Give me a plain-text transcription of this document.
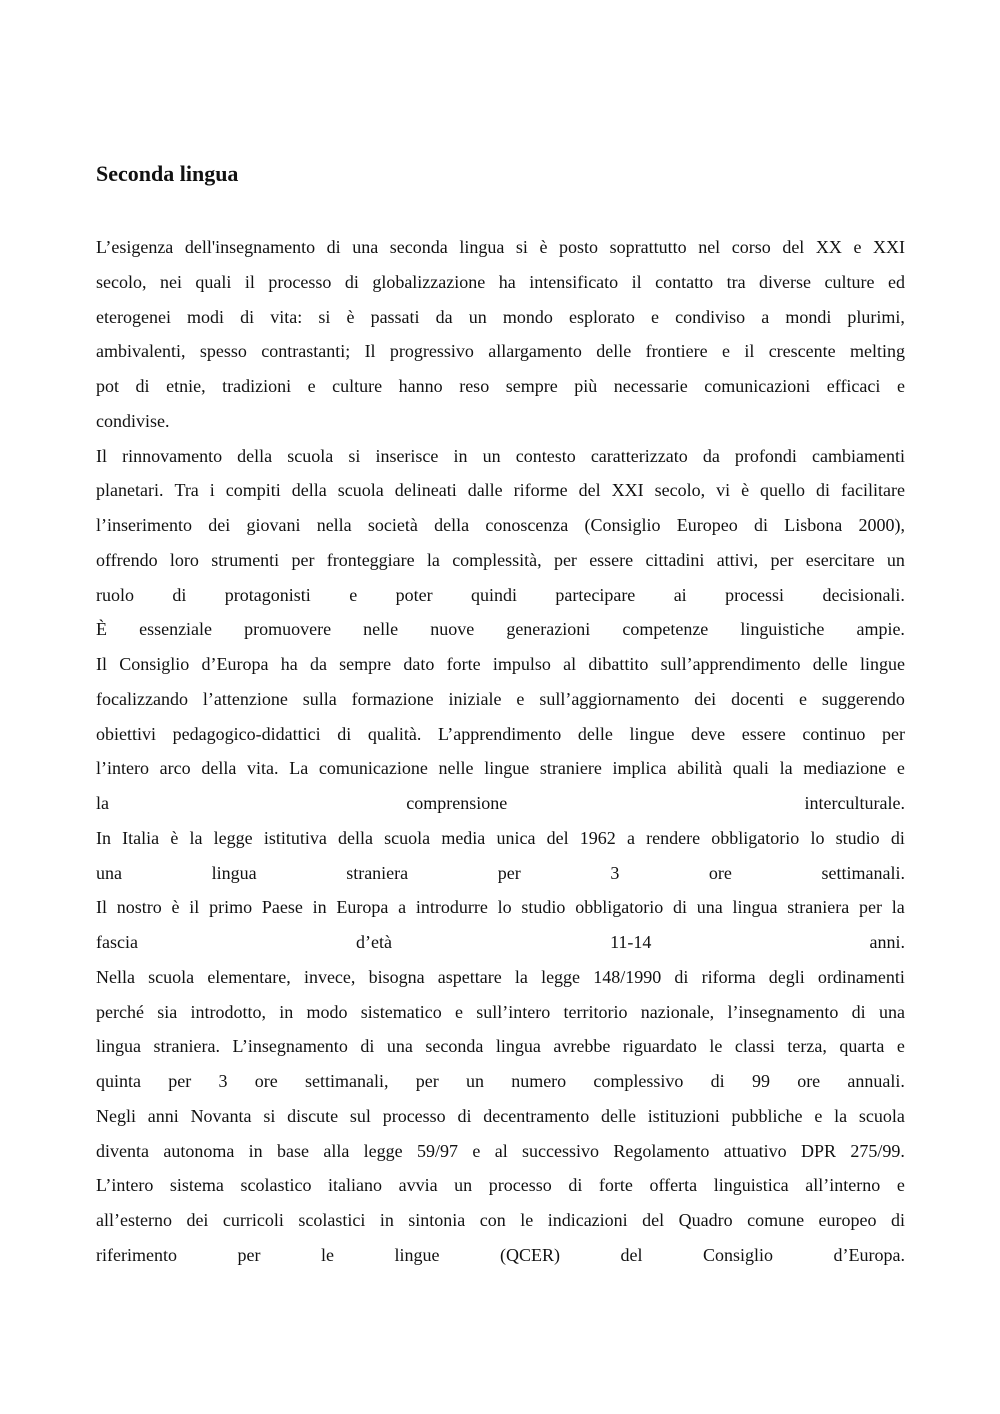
Seconda lingua
L’esigenza dell'insegnamento di una seconda lingua si è posto soprattutto nel corso del XX e XXI
secolo, nei quali il processo di globalizzazione ha intensificato il contatto tra diverse culture ed
eterogenei modi di vita: si è passati da un mondo esplorato e condiviso a mondi plurimi,
ambivalenti, spesso contrastanti; Il progressivo allargamento delle frontiere e il crescente melting
pot di etnie, tradizioni e culture hanno reso sempre più necessarie comunicazioni efficaci e
condivise.
Il rinnovamento della scuola si inserisce in un contesto caratterizzato da profondi cambiamenti
planetari. Tra i compiti della scuola delineati dalle riforme del XXI secolo, vi è quello di facilitare
l’inserimento dei giovani nella società della conoscenza (Consiglio Europeo di Lisbona 2000),
offrendo loro strumenti per fronteggiare la complessità, per essere cittadini attivi, per esercitare un
ruolo di protagonisti e poter quindi partecipare ai processi decisionali.
È essenziale promuovere nelle nuove generazioni competenze linguistiche ampie.
Il Consiglio d’Europa ha da sempre dato forte impulso al dibattito sull’apprendimento delle lingue
focalizzando l’attenzione sulla formazione iniziale e sull’aggiornamento dei docenti e suggerendo
obiettivi pedagogico-didattici di qualità. L’apprendimento delle lingue deve essere continuo per
l’intero arco della vita. La comunicazione nelle lingue straniere implica abilità quali la mediazione e
la	comprensione	interculturale.
In Italia è la legge istitutiva della scuola media unica del 1962 a rendere obbligatorio lo studio di
una	lingua	straniera	per	3	ore	settimanali.
Il nostro è il primo Paese in Europa a introdurre lo studio obbligatorio di una lingua straniera per la
fascia	d’età	11-14	anni.
Nella scuola elementare, invece, bisogna aspettare la legge 148/1990 di riforma degli ordinamenti
perché sia introdotto, in modo sistematico e sull’intero territorio nazionale, l’insegnamento di una
lingua straniera. L’insegnamento di una seconda lingua avrebbe riguardato le classi terza, quarta e
quinta per 3 ore settimanali, per un numero complessivo di 99 ore annuali.
Negli anni Novanta si discute sul processo di decentramento delle istituzioni pubbliche e la scuola
diventa autonoma in base alla legge 59/97 e al successivo Regolamento attuativo DPR 275/99.
L’intero sistema scolastico italiano avvia un processo di forte offerta linguistica all’interno e
all’esterno dei curricoli scolastici in sintonia con le indicazioni del Quadro comune europeo di
riferimento	per	le	lingue	(QCER)	del	Consiglio	d’Europa.
